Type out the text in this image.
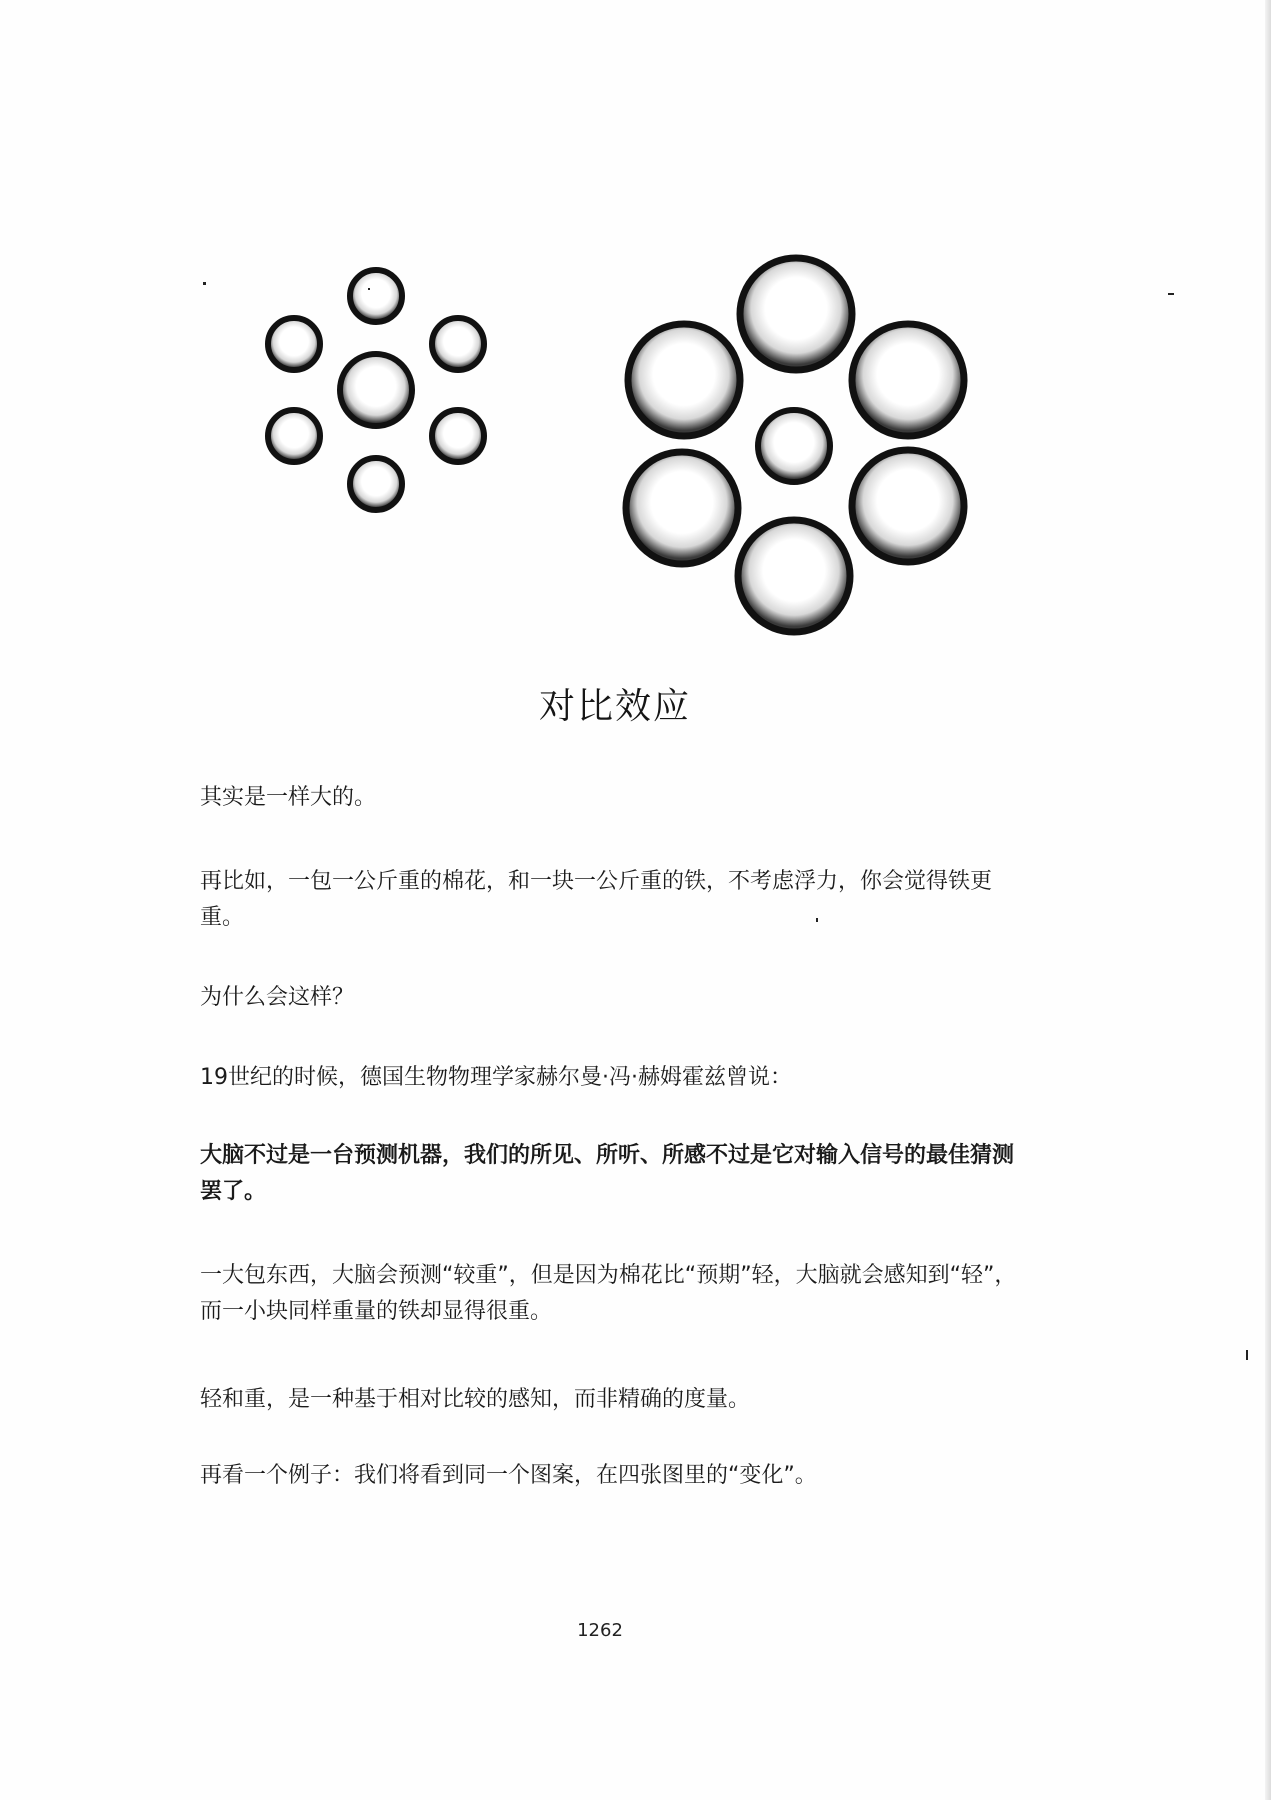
对比效应
其实是一样大的。
再比如，一包一公斤重的棉花，和一块一公斤重的铁，不考虑浮力，你会觉得铁更重。
为什么会这样？
19世纪的时候，德国生物物理学家赫尔曼·冯·赫姆霍兹曾说：
大脑不过是一台预测机器，我们的所见、所听、所感不过是它对输入信号的最佳猜测罢了。
一大包东西，大脑会预测“较重”，但是因为棉花比“预期”轻，大脑就会感知到“轻”，而一小块同样重量的铁却显得很重。
轻和重，是一种基于相对比较的感知，而非精确的度量。
再看一个例子：我们将看到同一个图案，在四张图里的“变化”。
1262
